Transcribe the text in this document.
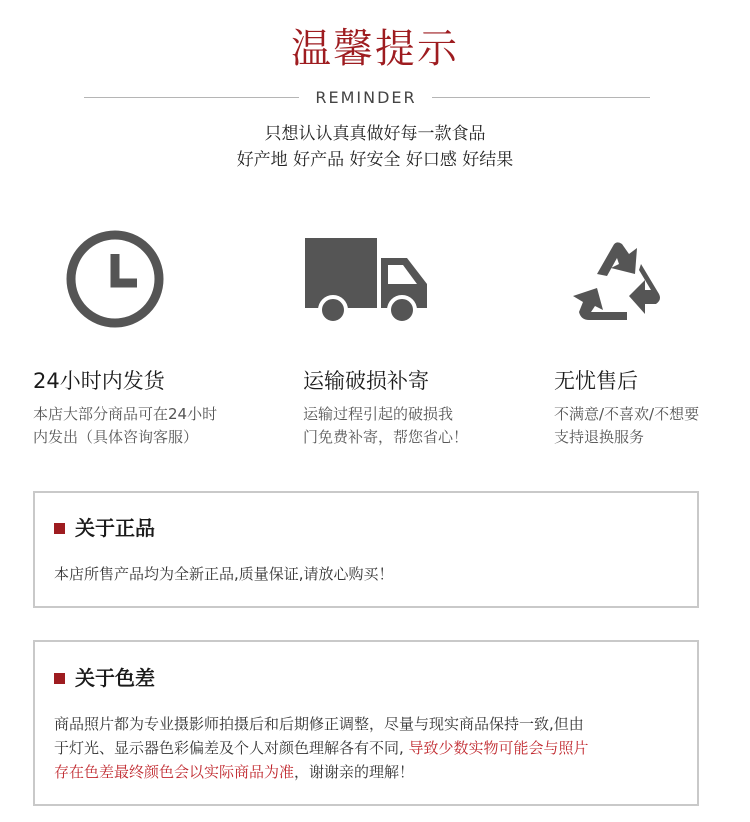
温馨提示
REMINDER
只想认认真真做好每一款食品
好产地 好产品 好安全 好口感 好结果
24小时内发货
本店大部分商品可在24小时
内发出（具体咨询客服）
运输破损补寄
运输过程引起的破损我
门免费补寄，帮您省心！
无忧售后
不满意/不喜欢/不想要
支持退换服务
关于正品
本店所售产品均为全新正品,质量保证,请放心购买！
关于色差
商品照片都为专业摄影师拍摄后和后期修正调整，尽量与现实商品保持一致,但由
于灯光、显示器色彩偏差及个人对颜色理解各有不同, 导致少数实物可能会与照片
存在色差最终颜色会以实际商品为准，谢谢亲的理解！
